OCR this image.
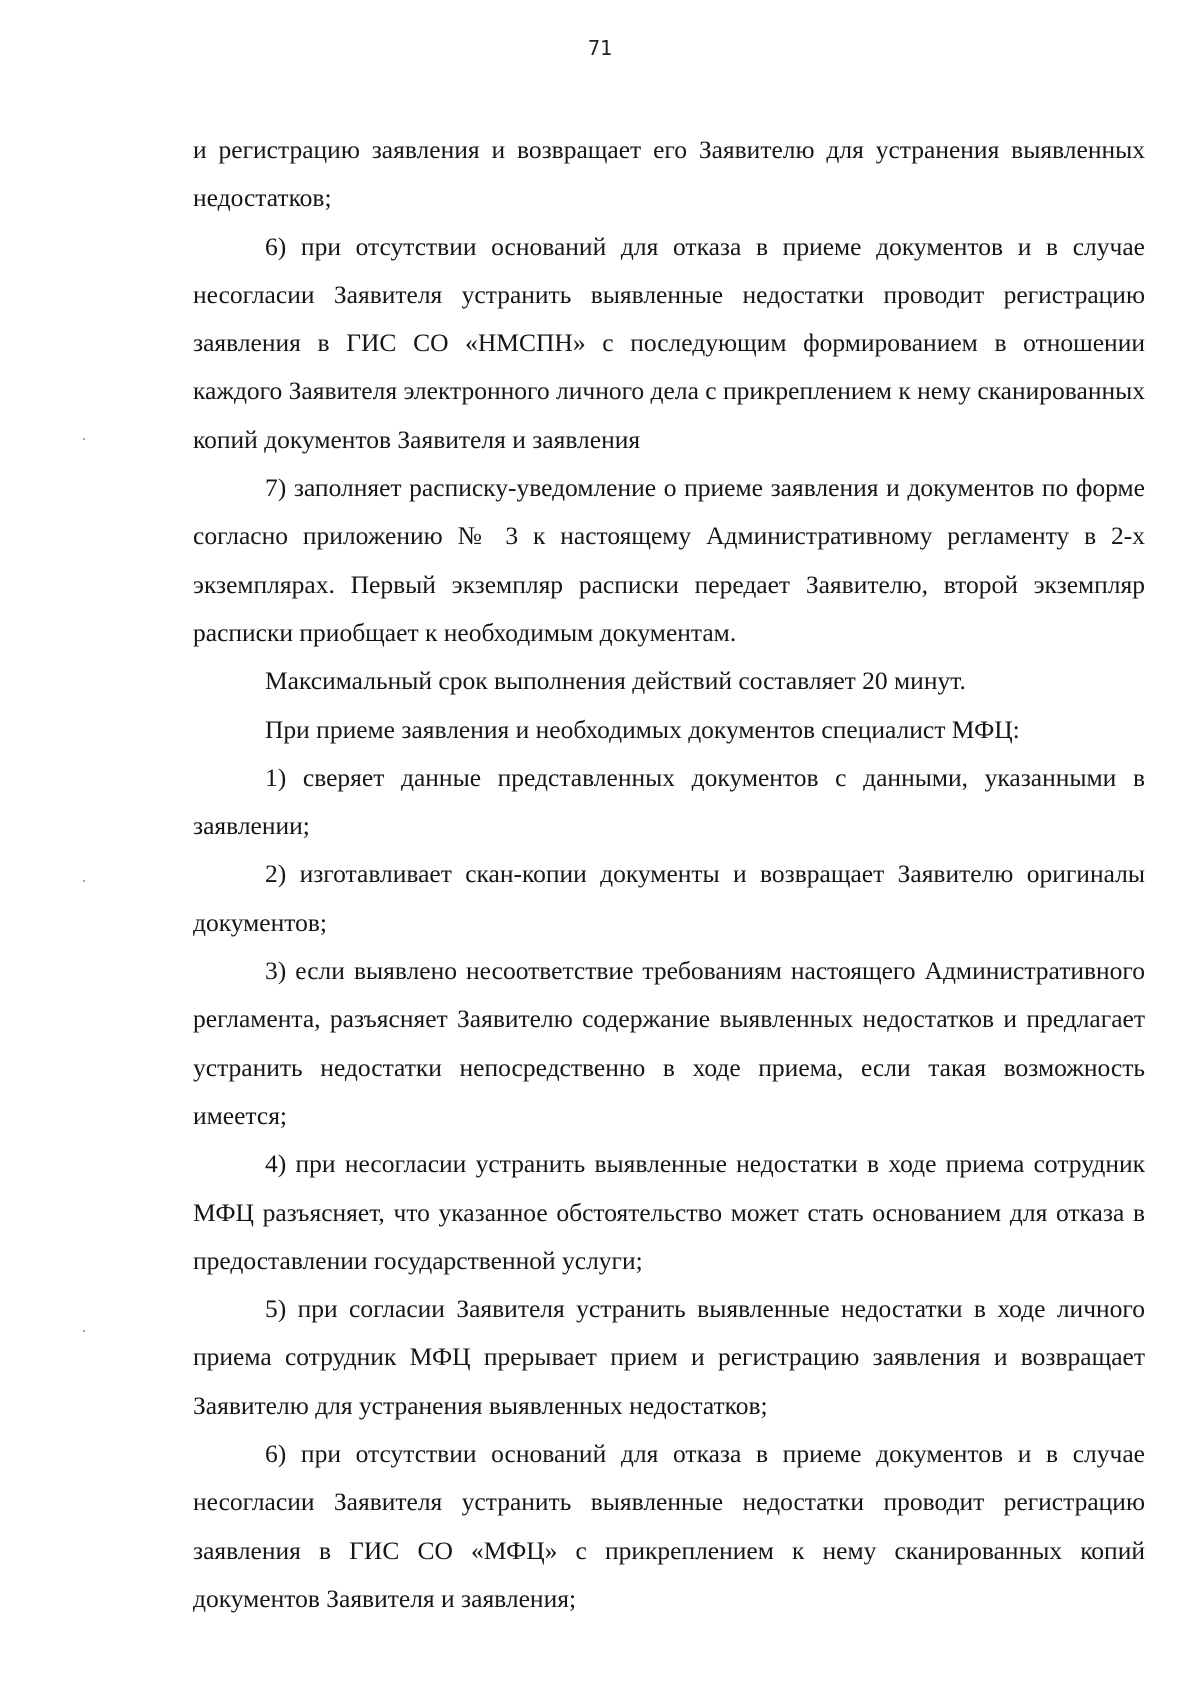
71

и регистрацию заявления и возвращает его Заявителю для устранения выявленных недостатков;

6) при отсутствии оснований для отказа в приеме документов и в случае несогласии Заявителя устранить выявленные недостатки проводит регистрацию заявления в ГИС СО «НМСПН» с последующим формированием в отношении каждого Заявителя электронного личного дела с прикреплением к нему сканированных копий документов Заявителя и заявления

7) заполняет расписку-уведомление о приеме заявления и документов по форме согласно приложению № 3 к настоящему Административному регламенту в 2-х экземплярах. Первый экземпляр расписки передает Заявителю, второй экземпляр расписки приобщает к необходимым документам.

Максимальный срок выполнения действий составляет 20 минут.

При приеме заявления и необходимых документов специалист МФЦ:

1) сверяет данные представленных документов с данными, указанными в заявлении;

2) изготавливает скан-копии документы и возвращает Заявителю оригиналы документов;

3) если выявлено несоответствие требованиям настоящего Административного регламента, разъясняет Заявителю содержание выявленных недостатков и предлагает устранить недостатки непосредственно в ходе приема, если такая возможность имеется;

4) при несогласии устранить выявленные недостатки в ходе приема сотрудник МФЦ разъясняет, что указанное обстоятельство может стать основанием для отказа в предоставлении государственной услуги;

5) при согласии Заявителя устранить выявленные недостатки в ходе личного приема сотрудник МФЦ прерывает прием и регистрацию заявления и возвращает Заявителю для устранения выявленных недостатков;

6) при отсутствии оснований для отказа в приеме документов и в случае несогласии Заявителя устранить выявленные недостатки проводит регистрацию заявления в ГИС СО «МФЦ» с прикреплением к нему сканированных копий документов Заявителя и заявления;
